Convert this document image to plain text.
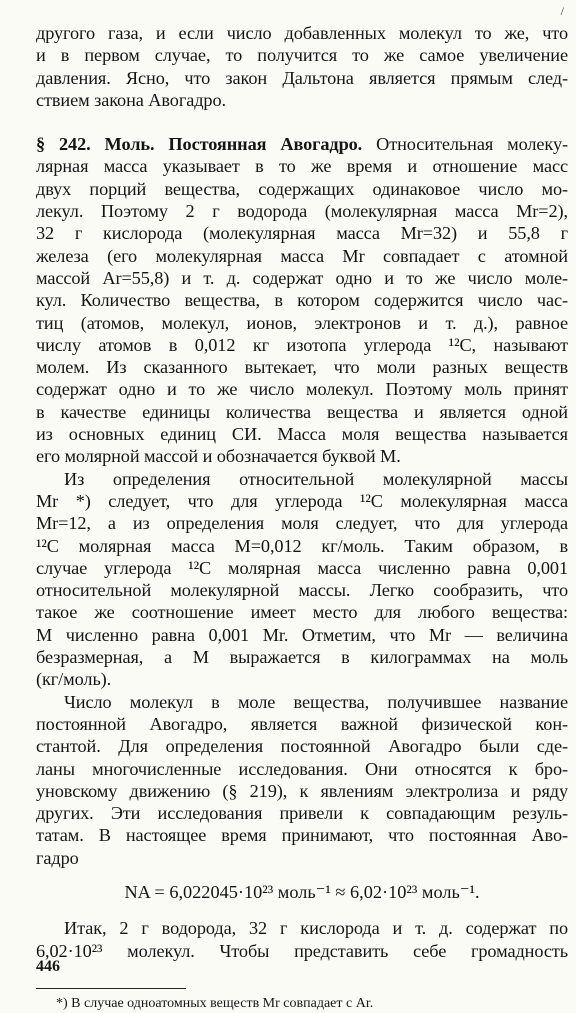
/
другого газа, и если число добавленных молекул то же, что
и в первом случае, то получится то же самое увеличение
давления. Ясно, что закон Дальтона является прямым след-
ствием закона Авогадро.
§ 242. Моль. Постоянная Авогадро. Относительная молеку-
лярная масса указывает в то же время и отношение масс
двух порций вещества, содержащих одинаковое число мо-
лекул. Поэтому 2 г водорода (молекулярная масса Mr=2),
32 г кислорода (молекулярная масса Mr=32) и 55,8 г
железа (его молекулярная масса Mr совпадает с атомной
массой Ar=55,8) и т. д. содержат одно и то же число моле-
кул. Количество вещества, в котором содержится число час-
тиц (атомов, молекул, ионов, электронов и т. д.), равное
числу атомов в 0,012 кг изотопа углерода ¹²C, называют
молем. Из сказанного вытекает, что моли разных веществ
содержат одно и то же число молекул. Поэтому моль принят
в качестве единицы количества вещества и является одной
из основных единиц СИ. Масса моля вещества называется
его молярной массой и обозначается буквой M.
Из определения относительной молекулярной массы
Mr *) следует, что для углерода ¹²C молекулярная масса
Mr=12, а из определения моля следует, что для углерода
¹²C молярная масса M=0,012 кг/моль. Таким образом, в
случае углерода ¹²C молярная масса численно равна 0,001
относительной молекулярной массы. Легко сообразить, что
такое же соотношение имеет место для любого вещества:
M численно равна 0,001 Mr. Отметим, что Mr — величина
безразмерная, а M выражается в килограммах на моль
(кг/моль).
Число молекул в моле вещества, получившее название
постоянной Авогадро, является важной физической кон-
стантой. Для определения постоянной Авогадро были сде-
ланы многочисленные исследования. Они относятся к бро-
уновскому движению (§ 219), к явлениям электролиза и ряду
других. Эти исследования привели к совпадающим резуль-
татам. В настоящее время принимают, что постоянная Аво-
гадро
NA = 6,022045·10²³ моль⁻¹ ≈ 6,02·10²³ моль⁻¹.
Итак, 2 г водорода, 32 г кислорода и т. д. содержат по
6,02·10²³ молекул. Чтобы представить себе громадность
*) В случае одноатомных веществ Mr совпадает с Ar.
446
